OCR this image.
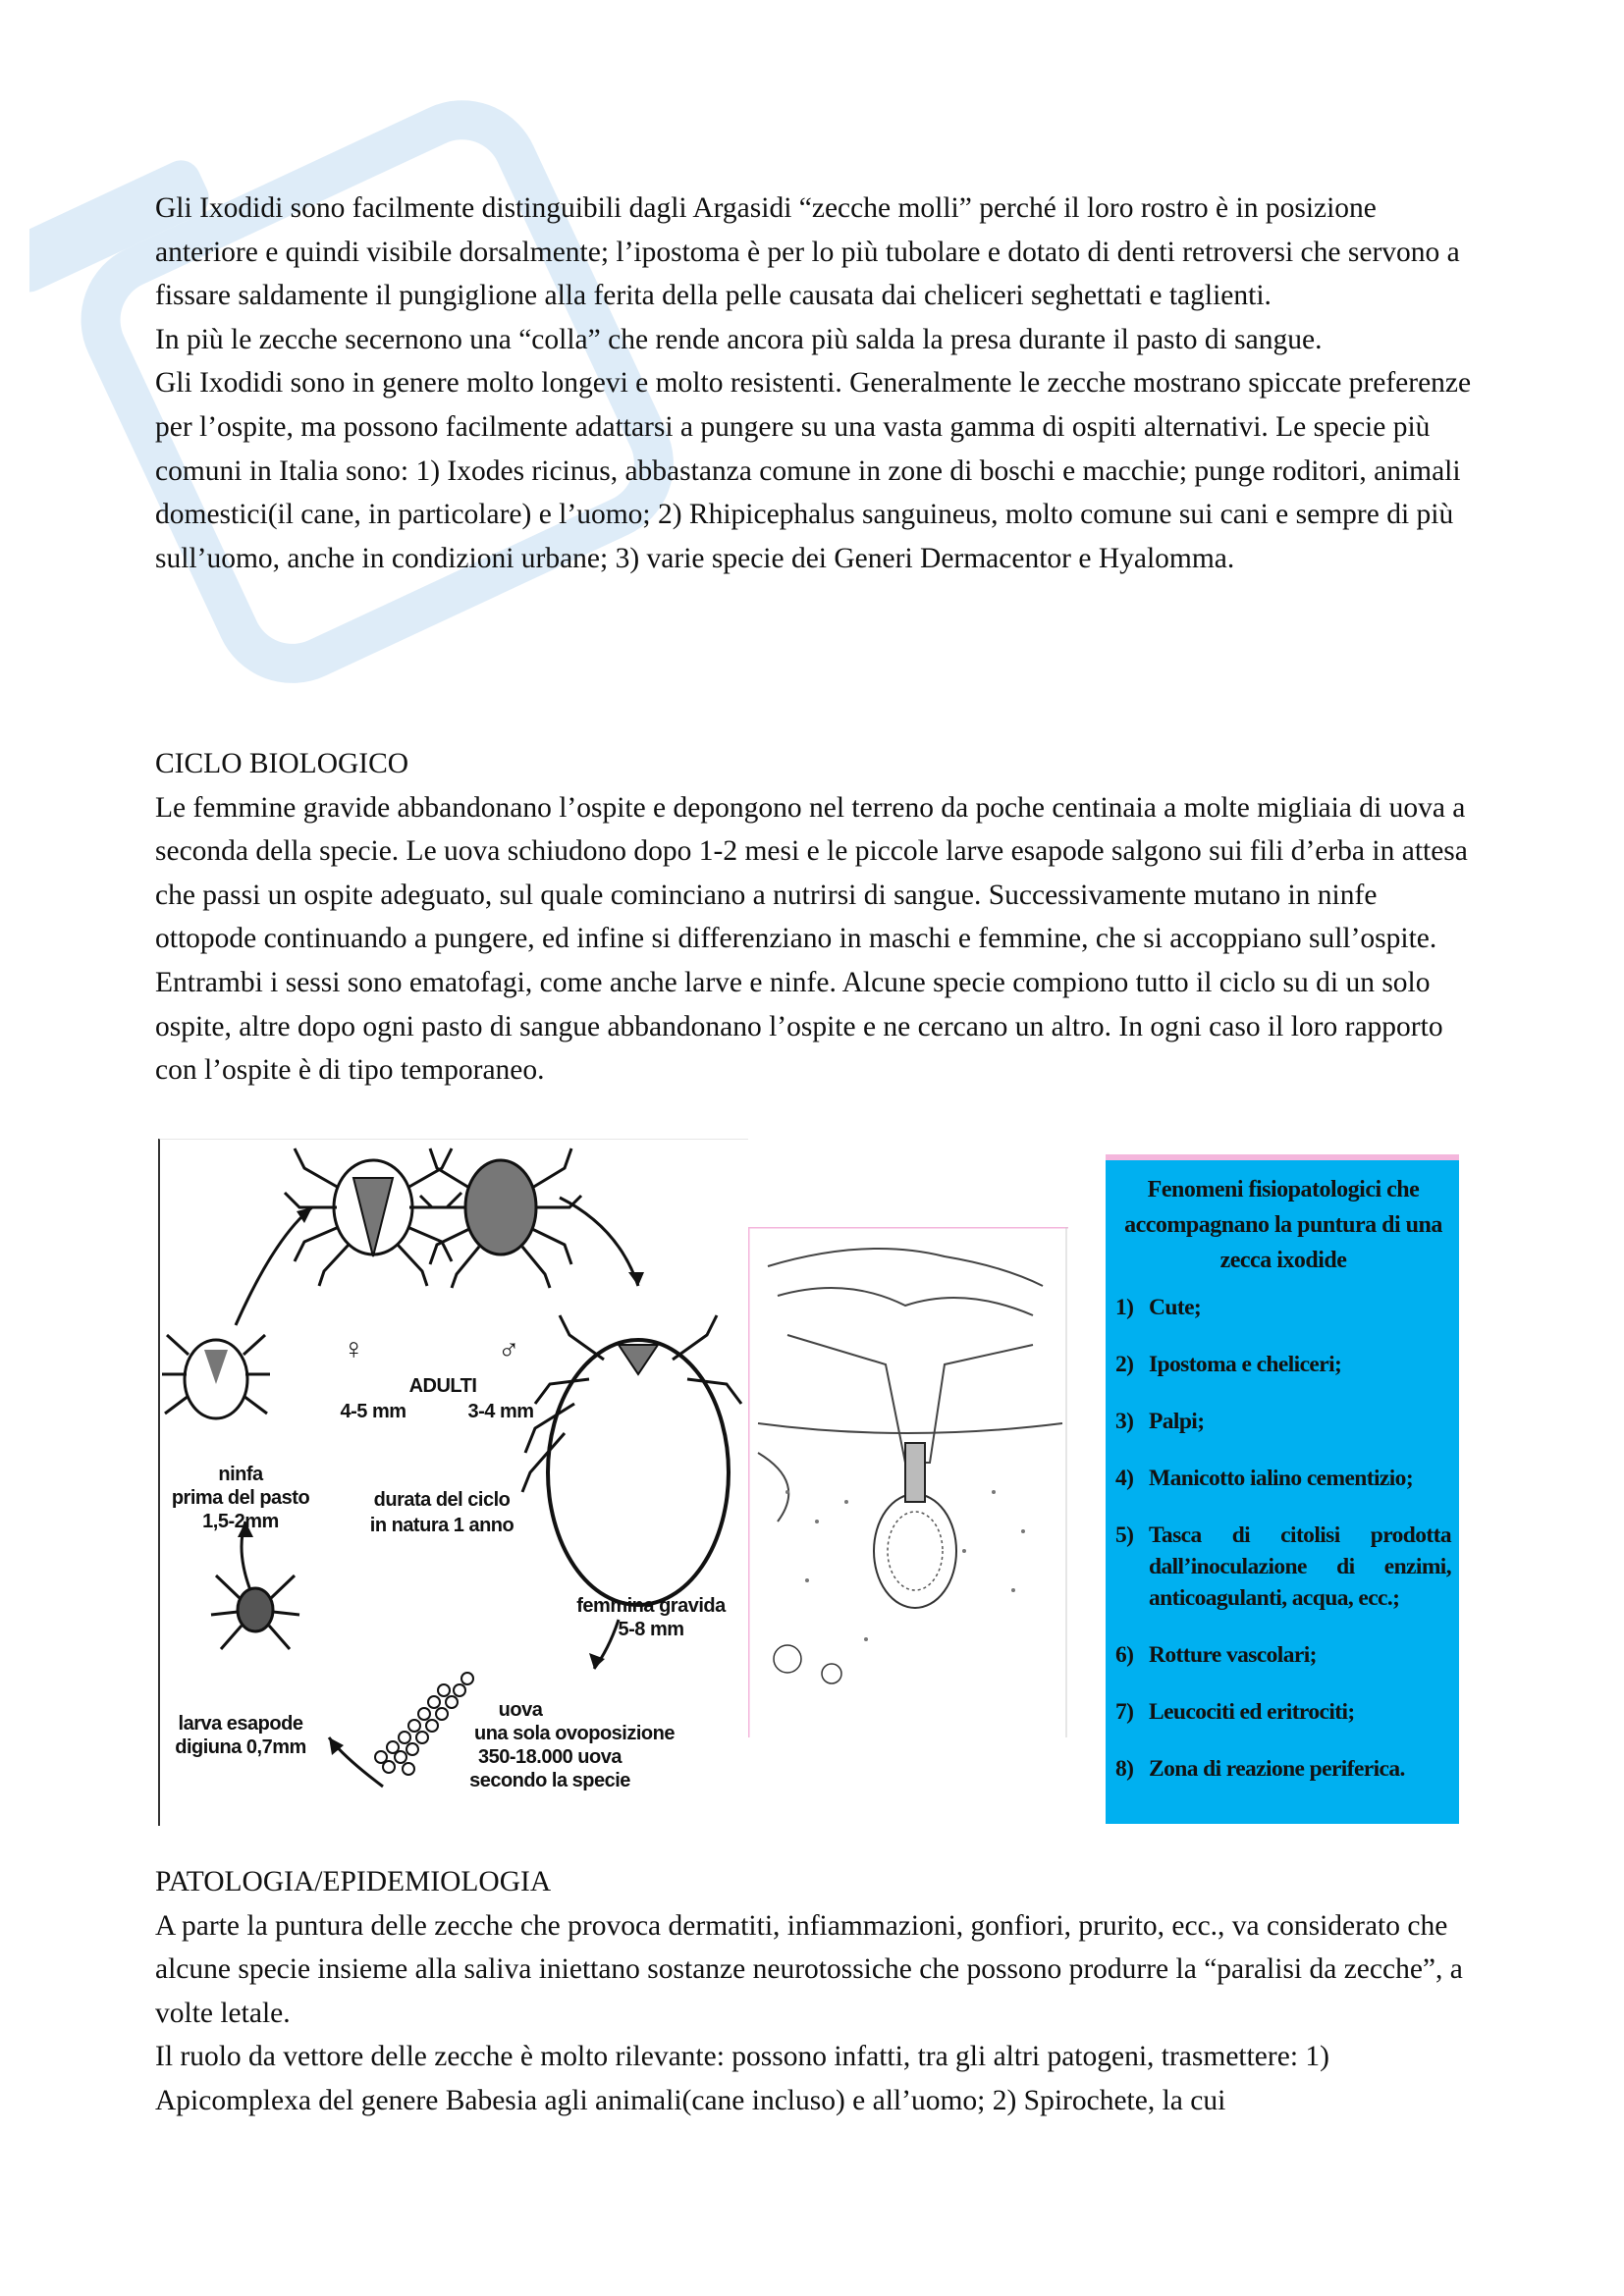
Gli Ixodidi sono facilmente distinguibili dagli Argasidi “zecche molli” perché il loro rostro è in posizione anteriore e quindi visibile dorsalmente; l’ipostoma è per lo più tubolare e dotato di denti retroversi che servono a fissare saldamente il pungiglione alla ferita della pelle causata dai cheliceri seghettati e taglienti.

In più le zecche secernono una “colla” che rende ancora più salda la presa durante il pasto di sangue.

Gli Ixodidi sono in genere molto longevi e molto resistenti. Generalmente le zecche mostrano spiccate preferenze per l’ospite, ma possono facilmente adattarsi a pungere su una vasta gamma di ospiti alternativi. Le specie più comuni in Italia sono: 1) Ixodes ricinus, abbastanza comune in zone di boschi e macchie; punge roditori, animali domestici(il cane, in particolare) e l’uomo; 2) Rhipicephalus sanguineus, molto comune sui cani e sempre di più sull’uomo, anche in condizioni urbane; 3) varie specie dei Generi Dermacentor e Hyalomma.

CICLO BIOLOGICO

Le femmine gravide abbandonano l’ospite e depongono nel terreno da poche centinaia a molte migliaia di uova a seconda della specie. Le uova schiudono dopo 1-2 mesi e le piccole larve esapode salgono sui fili d’erba in attesa che passi un ospite adeguato, sul quale cominciano a nutrirsi di sangue. Successivamente mutano in ninfe ottopode continuando a pungere, ed infine si differenziano in maschi e femmine, che si accoppiano sull’ospite.

Entrambi i sessi sono ematofagi, come anche larve e ninfe. Alcune specie compiono tutto il ciclo su di un solo ospite, altre dopo ogni pasto di sangue abbandonano l’ospite e ne cercano un altro. In ogni caso il loro rapporto con l’ospite è di tipo temporaneo.

♀	♂
ADULTI
4-5 mm	3-4 mm
ninfa
prima del pasto
1,5-2mm
durata del ciclo
in natura 1 anno
femmina gravida
5-8 mm
uova
una sola ovoposizione
350-18.000 uova
secondo la specie
larva esapode
digiuna 0,7mm
Fenomeni fisiopatologici che accompagnano la puntura di una zecca ixodide
1) Cute;
2) Ipostoma e cheliceri;
3) Palpi;
4) Manicotto ialino cementizio;
5) Tasca di citolisi prodotta dall’inoculazione di enzimi, anticoagulanti, acqua, ecc.;
6) Rotture vascolari;
7) Leucociti ed eritrociti;
8) Zona di reazione periferica.
PATOLOGIA/EPIDEMIOLOGIA

A parte la puntura delle zecche che provoca dermatiti, infiammazioni, gonfiori, prurito, ecc., va considerato che alcune specie insieme alla saliva iniettano sostanze neurotossiche che possono produrre la “paralisi da zecche”, a volte letale.

Il ruolo da vettore delle zecche è molto rilevante: possono infatti, tra gli altri patogeni, trasmettere: 1) Apicomplexa del genere Babesia agli animali(cane incluso) e all’uomo; 2) Spirochete, la cui
